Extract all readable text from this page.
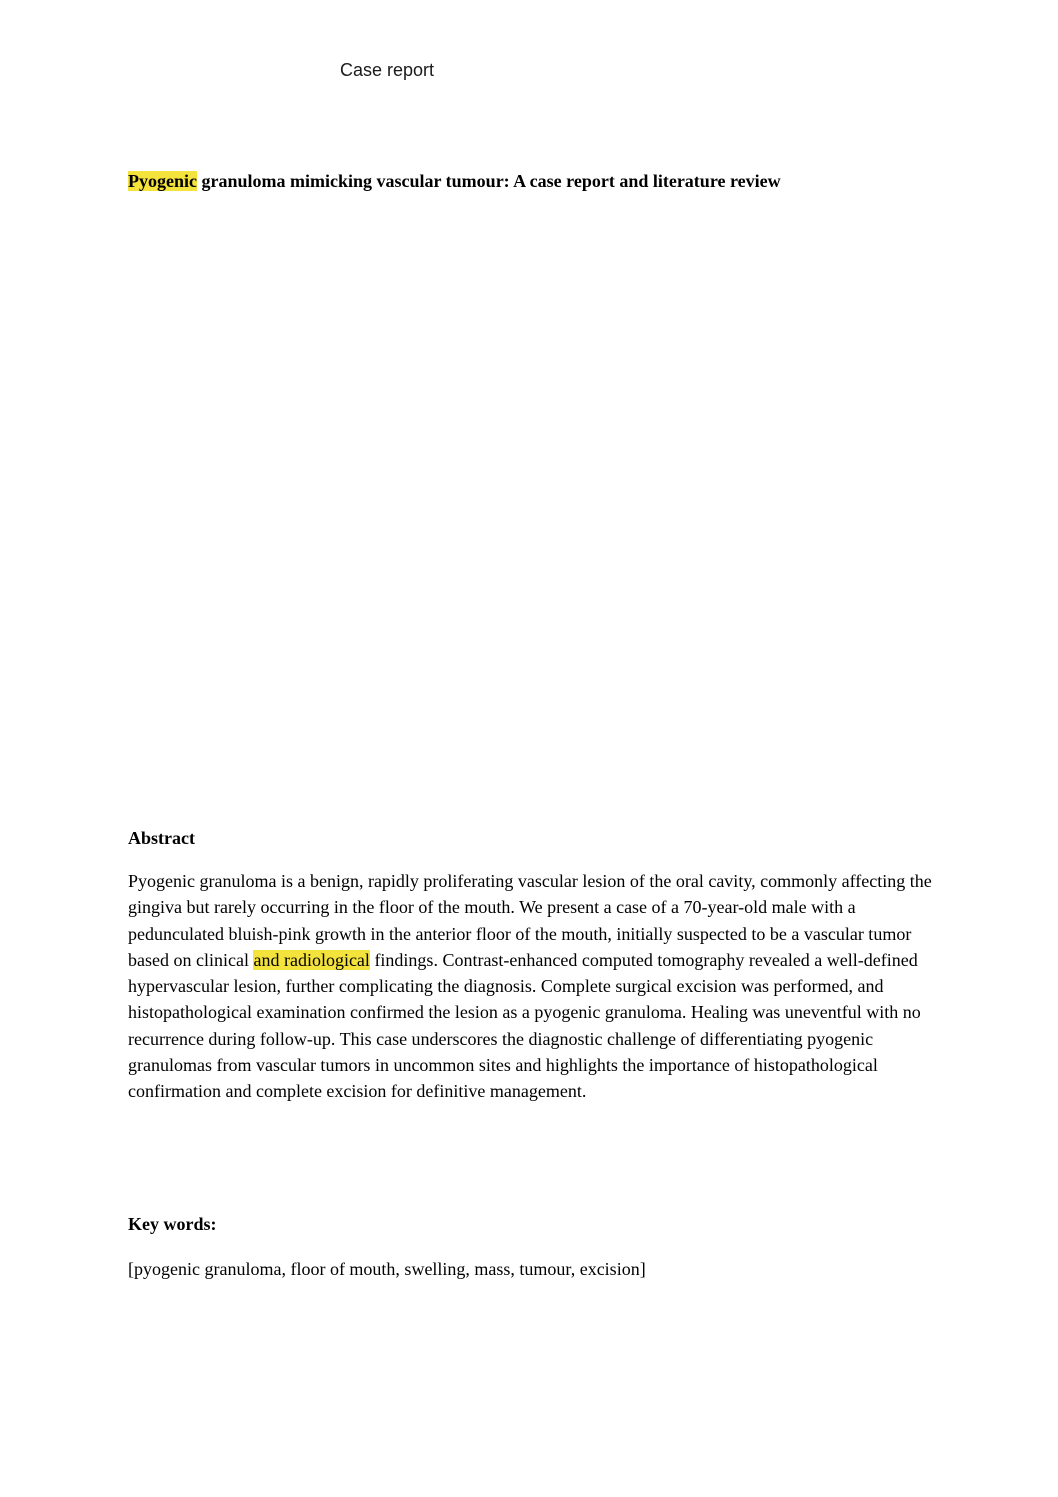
Case report
Pyogenic granuloma mimicking vascular tumour: A case report and literature review
Abstract

Pyogenic granuloma is a benign, rapidly proliferating vascular lesion of the oral cavity, commonly affecting the gingiva but rarely occurring in the floor of the mouth. We present a case of a 70-year-old male with a pedunculated bluish-pink growth in the anterior floor of the mouth, initially suspected to be a vascular tumor based on clinical and radiological findings. Contrast-enhanced computed tomography revealed a well-defined hypervascular lesion, further complicating the diagnosis. Complete surgical excision was performed, and histopathological examination confirmed the lesion as a pyogenic granuloma. Healing was uneventful with no recurrence during follow-up. This case underscores the diagnostic challenge of differentiating pyogenic granulomas from vascular tumors in uncommon sites and highlights the importance of histopathological confirmation and complete excision for definitive management.

Key words:

[pyogenic granuloma, floor of mouth, swelling, mass, tumour, excision]
